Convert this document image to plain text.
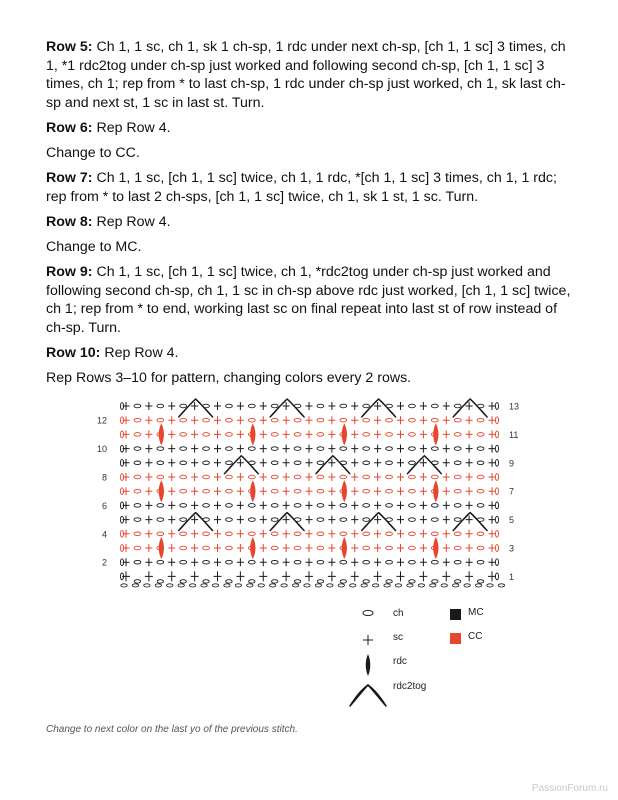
Row 5: Ch 1, 1 sc, ch 1, sk 1 ch-sp, 1 rdc under next ch-sp, [ch 1, 1 sc] 3 times, ch 1, *1 rdc2tog under ch-sp just worked and following second ch-sp, [ch 1, 1 sc] 3 times, ch 1; rep from * to last ch-sp, 1 rdc under ch-sp just worked, ch 1, sk last ch-sp and next st, 1 sc in last st. Turn.

Row 6: Rep Row 4.

Change to CC.

Row 7: Ch 1, 1 sc, [ch 1, 1 sc] twice, ch 1, 1 rdc, *[ch 1, 1 sc] 3 times, ch 1, 1 rdc; rep from * to last 2 ch-sps, [ch 1, 1 sc] twice, ch 1, sk 1 st, 1 sc. Turn.

Row 8: Rep Row 4.

Change to MC.

Row 9: Ch 1, 1 sc, [ch 1, 1 sc] twice, ch 1, *rdc2tog under ch-sp just worked and following second ch-sp, ch 1, 1 sc in ch-sp above rdc just worked, [ch 1, 1 sc] twice, ch 1; rep from * to end, working last sc on final repeat into last st of row instead of ch-sp. Turn.

Row 10: Rep Row 4.

Rep Rows 3–10 for pattern, changing colors every 2 rows.

13
11
9
7
5
3
1
12
10
8
6
4
2
ch
sc
rdc
rdc2tog
MC
CC
Change to next color on the last yo of the previous stitch.
PassionForum.ru
